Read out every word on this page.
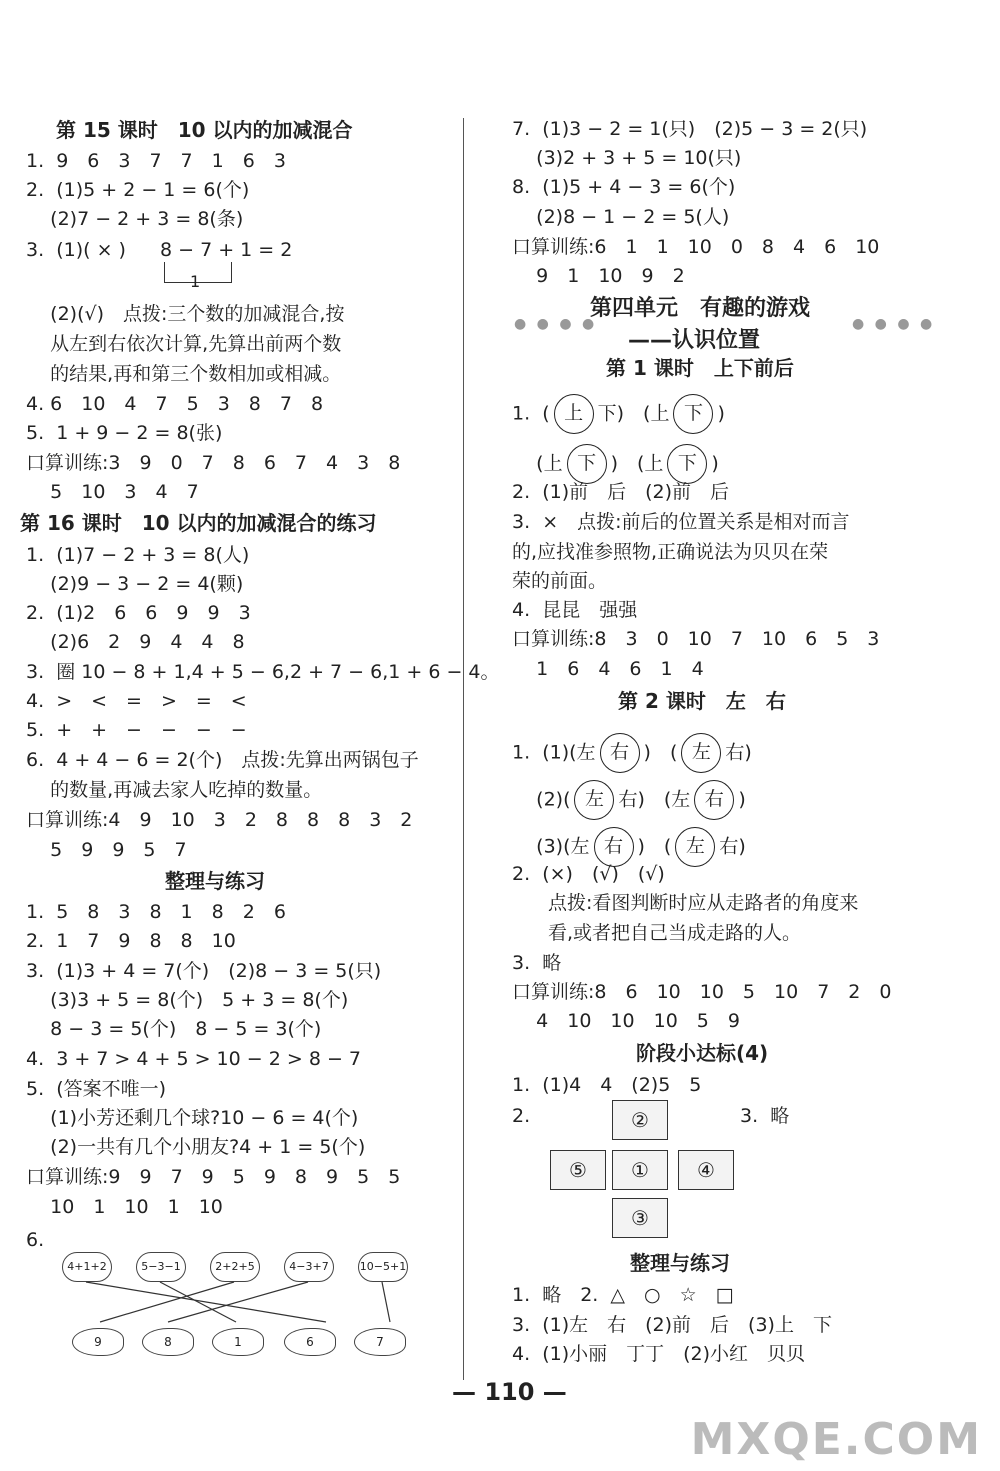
第 15 课时　10 以内的加减混合
1.  9　6　3　7　7　1　6　3
2.  (1)5 + 2 − 1 = 6(个)
(2)7 − 2 + 3 = 8(条)
3.  (1)( × ) 8 − 7 + 1 = 2
1
(2)(√)　点拨:三个数的加减混合,按
从左到右依次计算,先算出前两个数
的结果,再和第三个数相加或相减。
4. 6　10　4　7　5　3　8　7　8
5.  1 + 9 − 2 = 8(张)
口算训练:3　9　0　7　8　6　7　4　3　8
5　10　3　4　7
第 16 课时　10 以内的加减混合的练习
1.  (1)7 − 2 + 3 = 8(人)
(2)9 − 3 − 2 = 4(颗)
2.  (1)2　6　6　9　9　3
(2)6　2　9　4　4　8
3.  圈 10 − 8 + 1,4 + 5 − 6,2 + 7 − 6,1 + 6 − 4。
4.  >　<　=　>　=　<
5.  +　+　−　−　−　−
6.  4 + 4 − 6 = 2(个)　点拨:先算出两锅包子
的数量,再减去家人吃掉的数量。
口算训练:4　9　10　3　2　8　8　8　3　2
5　9　9　5　7
整理与练习
1.  5　8　3　8　1　8　2　6
2.  1　7　9　8　8　10
3.  (1)3 + 4 = 7(个)　(2)8 − 3 = 5(只)
(3)3 + 5 = 8(个)　5 + 3 = 8(个)
8 − 3 = 5(个)　8 − 5 = 3(个)
4.  3 + 7 > 4 + 5 > 10 − 2 > 8 − 7
5.  (答案不唯一)
(1)小芳还剩几个球?10 − 6 = 4(个)
(2)一共有几个小朋友?4 + 1 = 5(个)
口算训练:9　9　7　9　5　9　8　9　5　5
10　1　10　1　10
6.
4+1+2	5−3−1	2+2+5	4−3+7	10−5+1
9	8	1	6	7
7.  (1)3 − 2 = 1(只)　(2)5 − 3 = 2(只)
(3)2 + 3 + 5 = 10(只)
8.  (1)5 + 4 − 3 = 6(个)
(2)8 − 1 − 2 = 5(人)
口算训练:6　1　1　10　0　8　4　6　10
9　1　10　9　2
● ● ● ●
第四单元　有趣的游戏
● ● ● ●
——认识位置
第 1 课时　上下前后
1.  ( 上 下)　(上 下 )
(上 下 )　(上 下 )
2.  (1)前　后　(2)前　后
3.  ×　点拨:前后的位置关系是相对而言
的,应找准参照物,正确说法为贝贝在荣
荣的前面。
4.  昆昆　强强
口算训练:8　3　0　10　7　10　6　5　3
1　6　4　6　1　4
第 2 课时　左　右
1.  (1)(左 右 )　( 左 右)
(2)( 左 右)　(左 右 )
(3)(左 右 )　( 左 右)
2.  (×)　(√)　(√)
点拨:看图判断时应从走路者的角度来
看,或者把自己当成走路的人。
3.  略
口算训练:8　6　10　10　5　10　7　2　0
4　10　10　10　5　9
阶段小达标(4)
1.  (1)4　4　(2)5　5
2.	3.  略
②
⑤	①	④
③
整理与练习
1.  略　2.  △　○　☆　□
3.  (1)左　右　(2)前　后　(3)上　下
4.  (1)小丽　丁丁　(2)小红　贝贝
— 110 —
MXQE.COM
